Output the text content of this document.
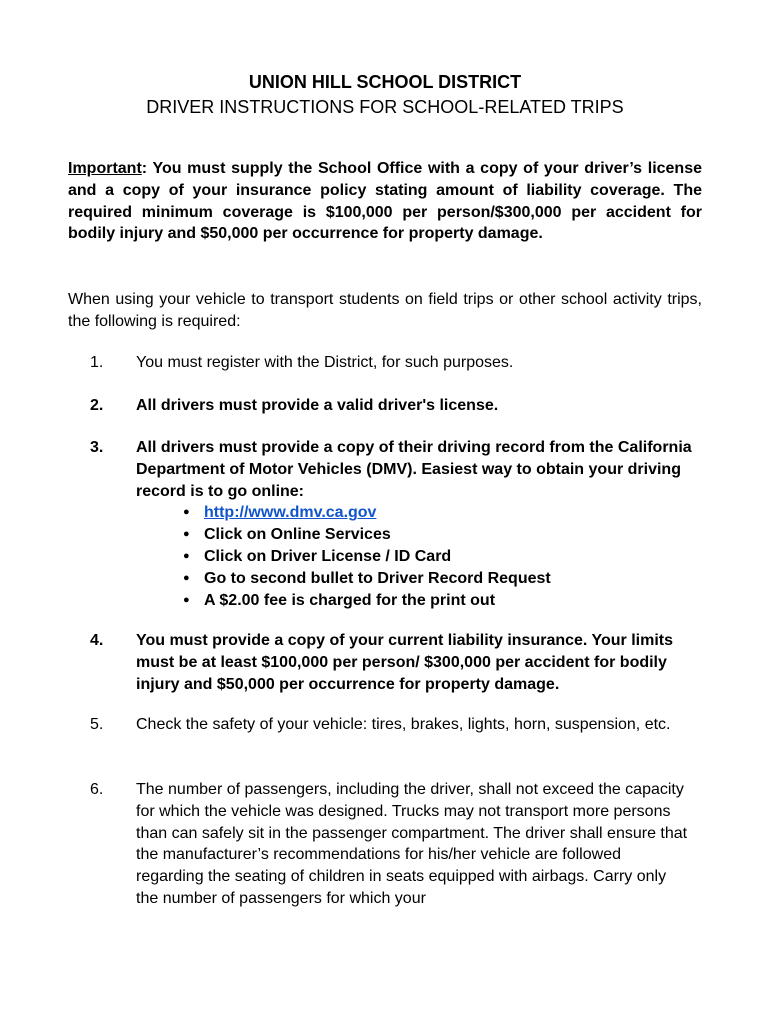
UNION HILL SCHOOL DISTRICT
DRIVER INSTRUCTIONS FOR SCHOOL-RELATED TRIPS
Important: You must supply the School Office with a copy of your driver’s license and a copy of your insurance policy stating amount of liability coverage. The required minimum coverage is $100,000 per person/$300,000 per accident for bodily injury and $50,000 per occurrence for property damage.
When using your vehicle to transport students on field trips or other school activity trips, the following is required:
1. You must register with the District, for such purposes.
2. All drivers must provide a valid driver's license.
3. All drivers must provide a copy of their driving record from the California Department of Motor Vehicles (DMV). Easiest way to obtain your driving record is to go online:
● http://www.dmv.ca.gov
● Click on Online Services
● Click on Driver License / ID Card
● Go to second bullet to Driver Record Request
● A $2.00 fee is charged for the print out
4. You must provide a copy of your current liability insurance. Your limits must be at least $100,000 per person/ $300,000 per accident for bodily injury and $50,000 per occurrence for property damage.
5. Check the safety of your vehicle: tires, brakes, lights, horn, suspension, etc.
6. The number of passengers, including the driver, shall not exceed the capacity for which the vehicle was designed. Trucks may not transport more persons than can safely sit in the passenger compartment. The driver shall ensure that the manufacturer’s recommendations for his/her vehicle are followed regarding the seating of children in seats equipped with airbags. Carry only the number of passengers for which your
